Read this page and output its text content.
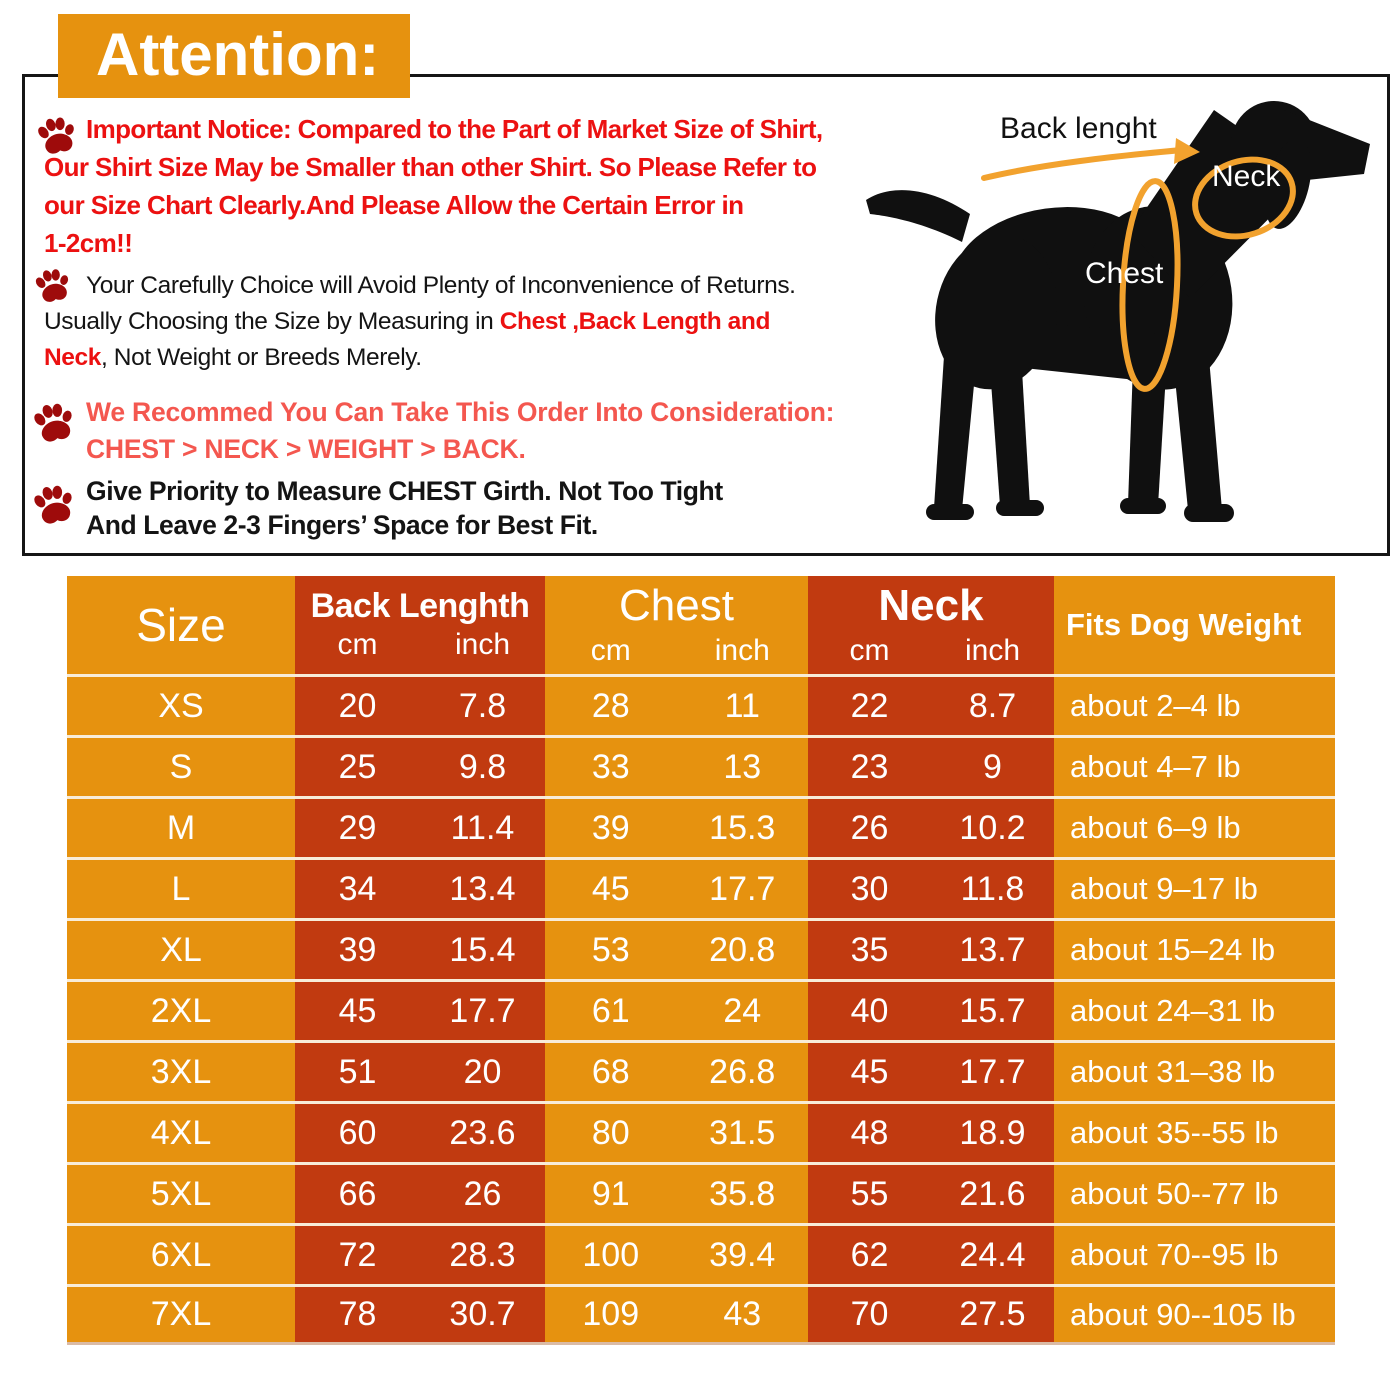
Attention:
Important Notice: Compared to the Part of Market Size of Shirt,
Our Shirt Size May be Smaller than other Shirt. So Please Refer to
our Size Chart Clearly.And Please Allow the Certain Error in
1-2cm!!
Your Carefully Choice will Avoid Plenty of Inconvenience of Returns.
Usually Choosing the Size by Measuring in Chest ,Back Length and
Neck, Not Weight or Breeds Merely.
We Recommed You Can Take This Order Into Consideration:
CHEST > NECK > WEIGHT > BACK.
Give Priority to Measure CHEST Girth. Not Too Tight
And Leave 2-3 Fingers’ Space for Best Fit.
Back lenght
Neck
Chest
Size	Back Lenghth
cm	inch
Chest
cm	inch
Neck
cm	inch
Fits Dog Weight
XS	20	7.8	28	11	22	8.7	about 2–4 lb
S	25	9.8	33	13	23	9	about 4–7 lb
M	29	11.4	39	15.3	26	10.2	about 6–9 lb
L	34	13.4	45	17.7	30	11.8	about 9–17 lb
XL	39	15.4	53	20.8	35	13.7	about 15–24 lb
2XL	45	17.7	61	24	40	15.7	about 24–31 lb
3XL	51	20	68	26.8	45	17.7	about 31–38 lb
4XL	60	23.6	80	31.5	48	18.9	about 35--55 lb
5XL	66	26	91	35.8	55	21.6	about 50--77 lb
6XL	72	28.3	100	39.4	62	24.4	about 70--95 lb
7XL	78	30.7	109	43	70	27.5	about 90--105 lb
